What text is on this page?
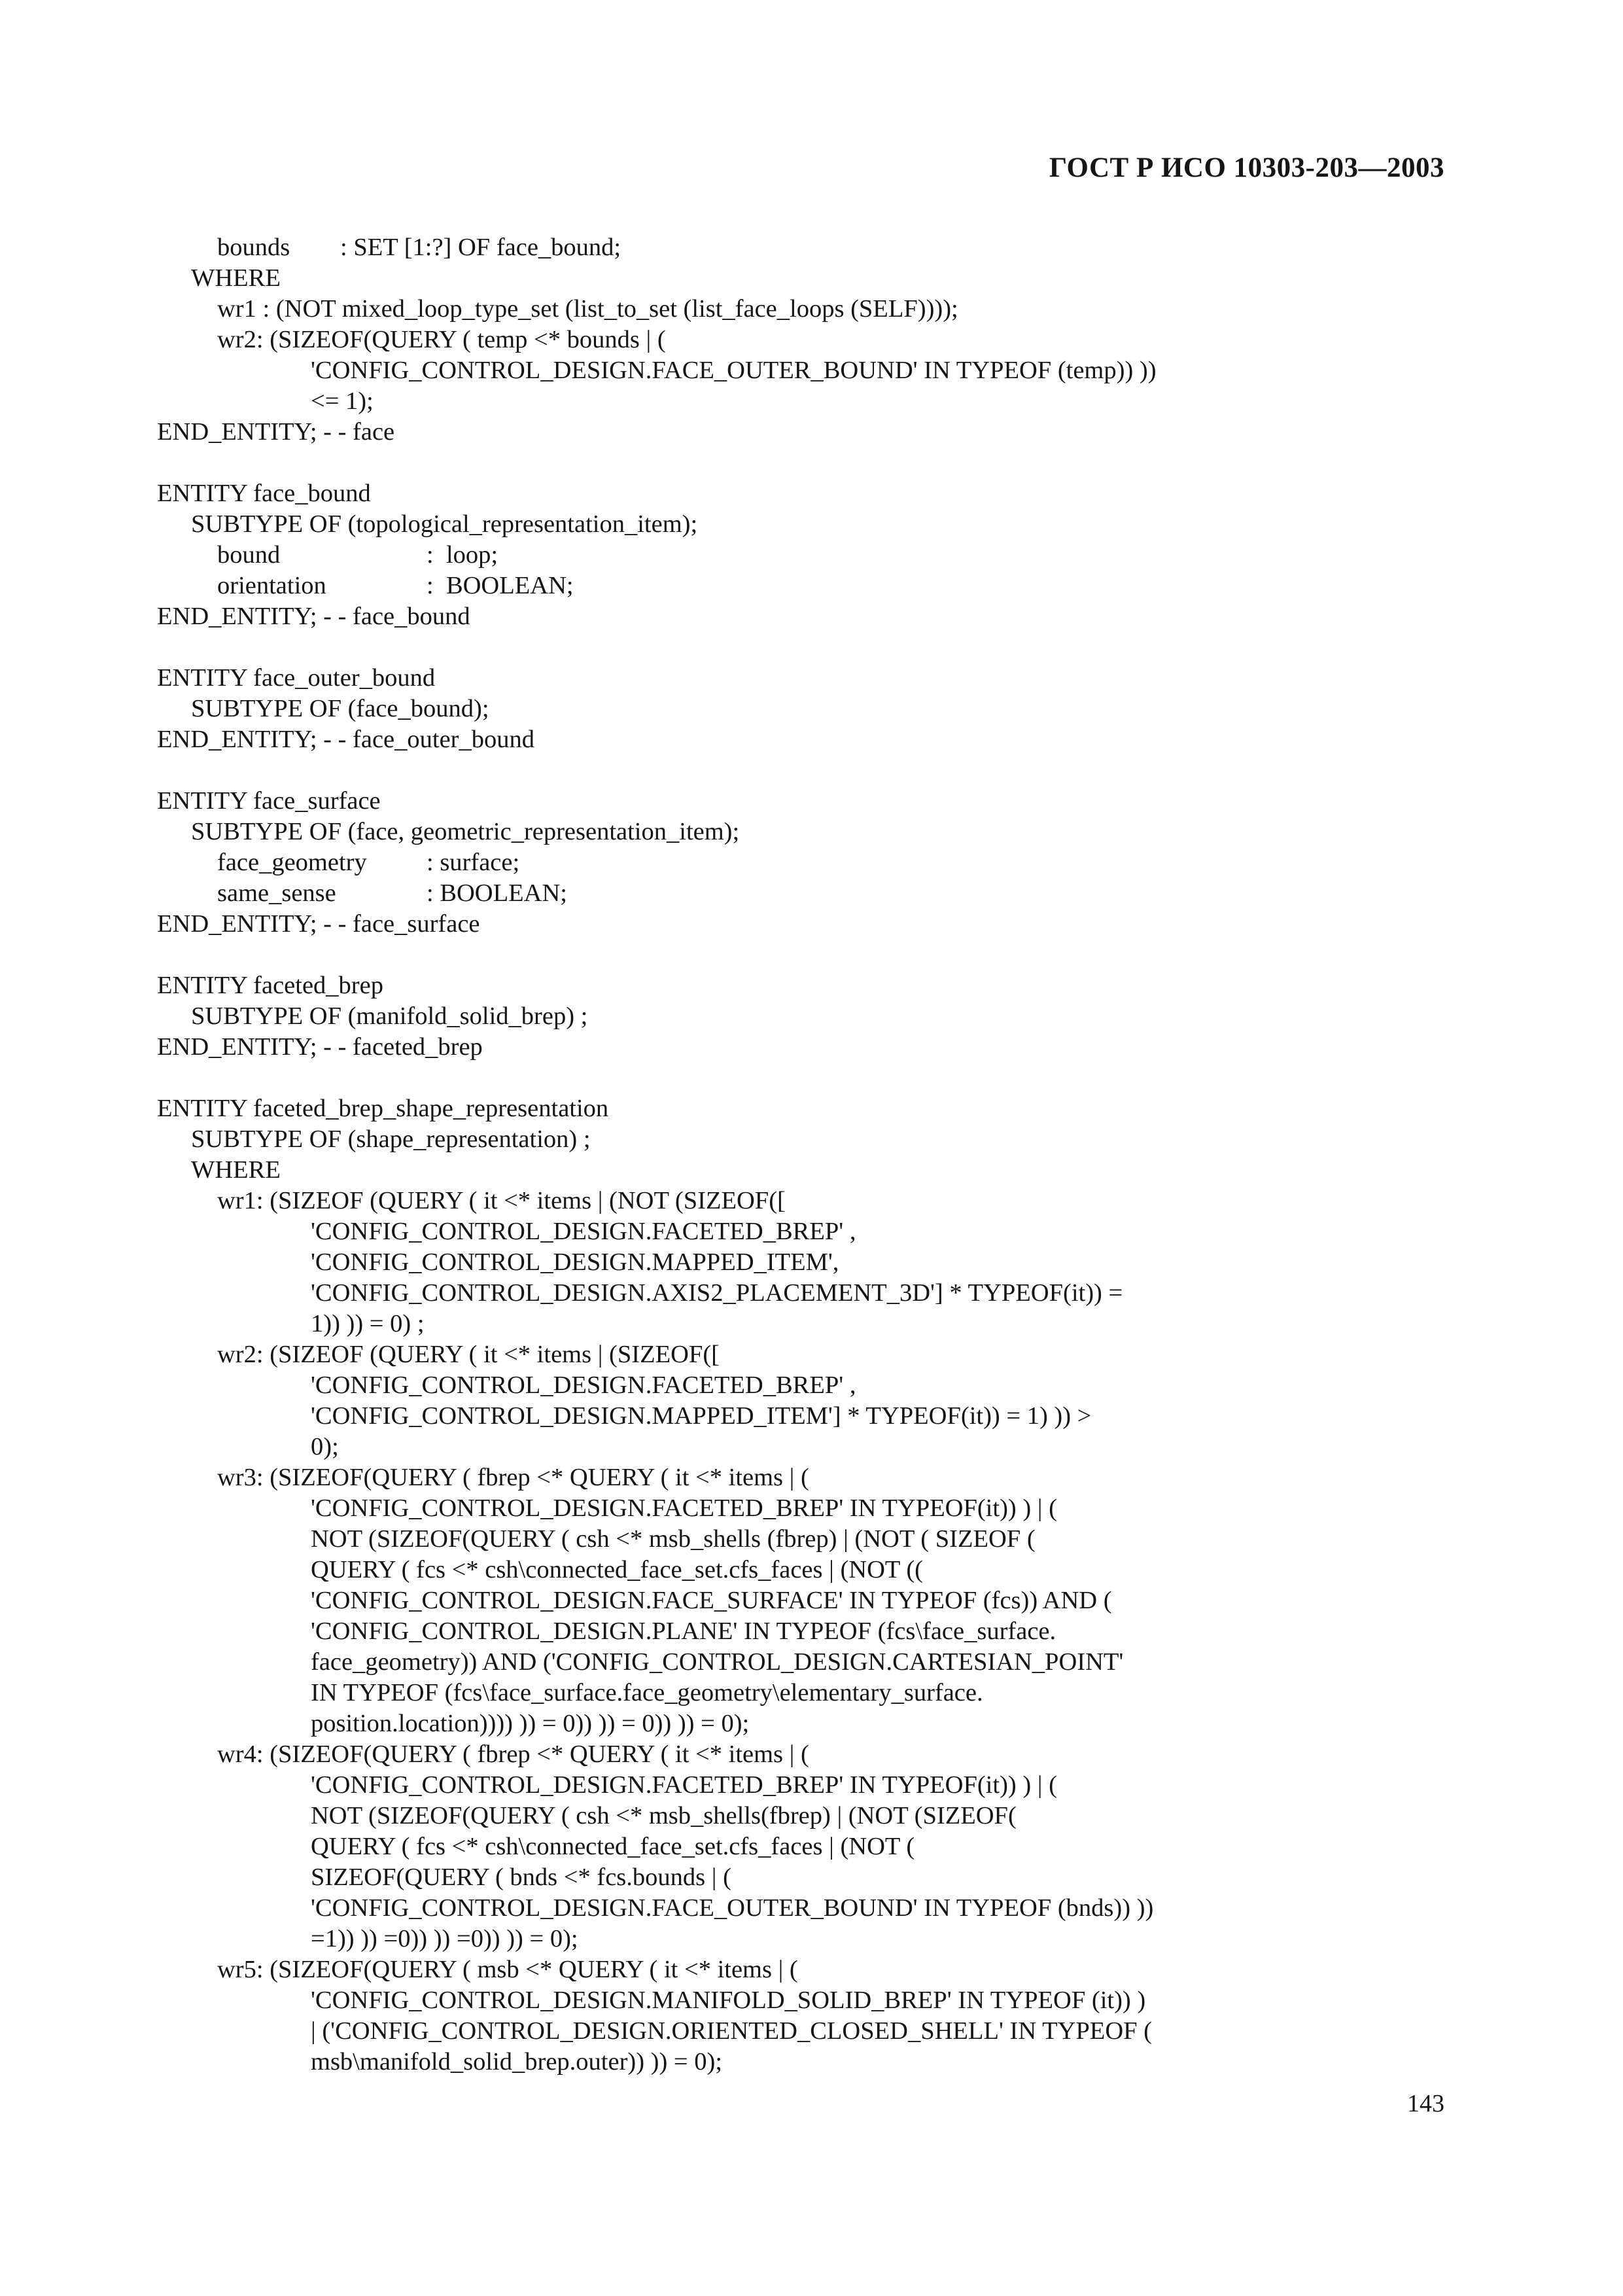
ГОСТ Р ИСО 10303-203—2003
bounds : SET [1:?] OF face_bound;
WHERE
wr1 : (NOT mixed_loop_type_set (list_to_set (list_face_loops (SELF))));
wr2: (SIZEOF(QUERY ( temp <* bounds | (
'CONFIG_CONTROL_DESIGN.FACE_OUTER_BOUND' IN TYPEOF (temp)) ))
<= 1);
END_ENTITY; - - face
ENTITY face_bound
SUBTYPE OF (topological_representation_item);
bound	:  loop;
orientation	:  BOOLEAN;
END_ENTITY; - - face_bound
ENTITY face_outer_bound
SUBTYPE OF (face_bound);
END_ENTITY; - - face_outer_bound
ENTITY face_surface
SUBTYPE OF (face, geometric_representation_item);
face_geometry : surface;
same_sense	: BOOLEAN;
END_ENTITY; - - face_surface
ENTITY faceted_brep
SUBTYPE OF (manifold_solid_brep) ;
END_ENTITY; - - faceted_brep
ENTITY faceted_brep_shape_representation
SUBTYPE OF (shape_representation) ;
WHERE
wr1: (SIZEOF (QUERY ( it <* items | (NOT (SIZEOF([
'CONFIG_CONTROL_DESIGN.FACETED_BREP' ,
'CONFIG_CONTROL_DESIGN.MAPPED_ITEM',
'CONFIG_CONTROL_DESIGN.AXIS2_PLACEMENT_3D'] * TYPEOF(it)) =
1)) )) = 0) ;
wr2: (SIZEOF (QUERY ( it <* items | (SIZEOF([
'CONFIG_CONTROL_DESIGN.FACETED_BREP' ,
'CONFIG_CONTROL_DESIGN.MAPPED_ITEM'] * TYPEOF(it)) = 1) )) >
0);
wr3: (SIZEOF(QUERY ( fbrep <* QUERY ( it <* items | (
'CONFIG_CONTROL_DESIGN.FACETED_BREP' IN TYPEOF(it)) ) | (
NOT (SIZEOF(QUERY ( csh <* msb_shells (fbrep) | (NOT ( SIZEOF (
QUERY ( fcs <* csh\connected_face_set.cfs_faces | (NOT ((
'CONFIG_CONTROL_DESIGN.FACE_SURFACE' IN TYPEOF (fcs)) AND (
'CONFIG_CONTROL_DESIGN.PLANE' IN TYPEOF (fcs\face_surface.
face_geometry)) AND ('CONFIG_CONTROL_DESIGN.CARTESIAN_POINT'
IN TYPEOF (fcs\face_surface.face_geometry\elementary_surface.
position.location)))) )) = 0)) )) = 0)) )) = 0);
wr4: (SIZEOF(QUERY ( fbrep <* QUERY ( it <* items | (
'CONFIG_CONTROL_DESIGN.FACETED_BREP' IN TYPEOF(it)) ) | (
NOT (SIZEOF(QUERY ( csh <* msb_shells(fbrep) | (NOT (SIZEOF(
QUERY ( fcs <* csh\connected_face_set.cfs_faces | (NOT (
SIZEOF(QUERY ( bnds <* fcs.bounds | (
'CONFIG_CONTROL_DESIGN.FACE_OUTER_BOUND' IN TYPEOF (bnds)) ))
=1)) )) =0)) )) =0)) )) = 0);
wr5: (SIZEOF(QUERY ( msb <* QUERY ( it <* items | (
'CONFIG_CONTROL_DESIGN.MANIFOLD_SOLID_BREP' IN TYPEOF (it)) )
| ('CONFIG_CONTROL_DESIGN.ORIENTED_CLOSED_SHELL' IN TYPEOF (
msb\manifold_solid_brep.outer)) )) = 0);
143
